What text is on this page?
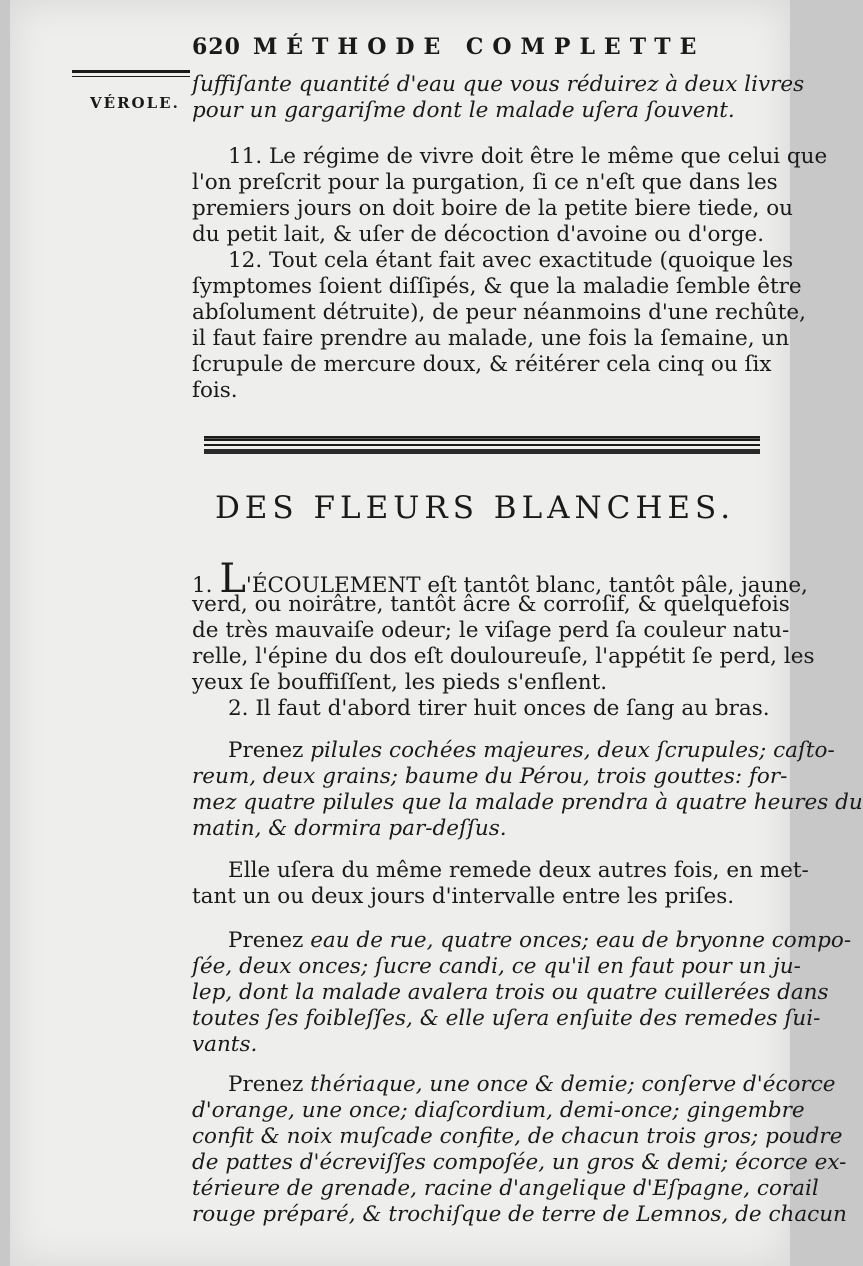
620 MÉTHODE COMPLETTE
VÉROLE.
ſuffiſante quantité d'eau que vous réduirez à deux livres
pour un gargariſme dont le malade uſera ſouvent.
11. Le régime de vivre doit être le même que celui que
l'on preſcrit pour la purgation, ſi ce n'eſt que dans les
premiers jours on doit boire de la petite biere tiede, ou
du petit lait, & uſer de décoction d'avoine ou d'orge.
12. Tout cela étant fait avec exactitude (quoique les
ſymptomes ſoient diſſipés, & que la maladie ſemble être
abſolument détruite), de peur néanmoins d'une rechûte,
il faut faire prendre au malade, une fois la ſemaine, un
ſcrupule de mercure doux, & réitérer cela cinq ou ſix
fois.
DES FLEURS BLANCHES.
1. L'ÉCOULEMENT eſt tantôt blanc, tantôt pâle, jaune,
verd, ou noirâtre, tantôt âcre & corroſif, & quelquefois
de très mauvaiſe odeur; le viſage perd ſa couleur natu-
relle, l'épine du dos eſt douloureuſe, l'appétit ſe perd, les
yeux ſe bouffiſſent, les pieds s'enflent.
2. Il faut d'abord tirer huit onces de ſang au bras.
Prenez pilules cochées majeures, deux ſcrupules; caſto-
reum, deux grains; baume du Pérou, trois gouttes: for-
mez quatre pilules que la malade prendra à quatre heures du
matin, & dormira par-deſſus.
Elle uſera du même remede deux autres fois, en met-
tant un ou deux jours d'intervalle entre les priſes.
Prenez eau de rue, quatre onces; eau de bryonne compo-
ſée, deux onces; ſucre candi, ce qu'il en faut pour un ju-
lep, dont la malade avalera trois ou quatre cuillerées dans
toutes ſes foibleſſes, & elle uſera enſuite des remedes ſui-
vants.
Prenez thériaque, une once & demie; conſerve d'écorce
d'orange, une once; diaſcordium, demi-once; gingembre
confit & noix muſcade confite, de chacun trois gros; poudre
de pattes d'écreviſſes compoſée, un gros & demi; écorce ex-
térieure de grenade, racine d'angelique d'Eſpagne, corail
rouge préparé, & trochiſque de terre de Lemnos, de chacun
